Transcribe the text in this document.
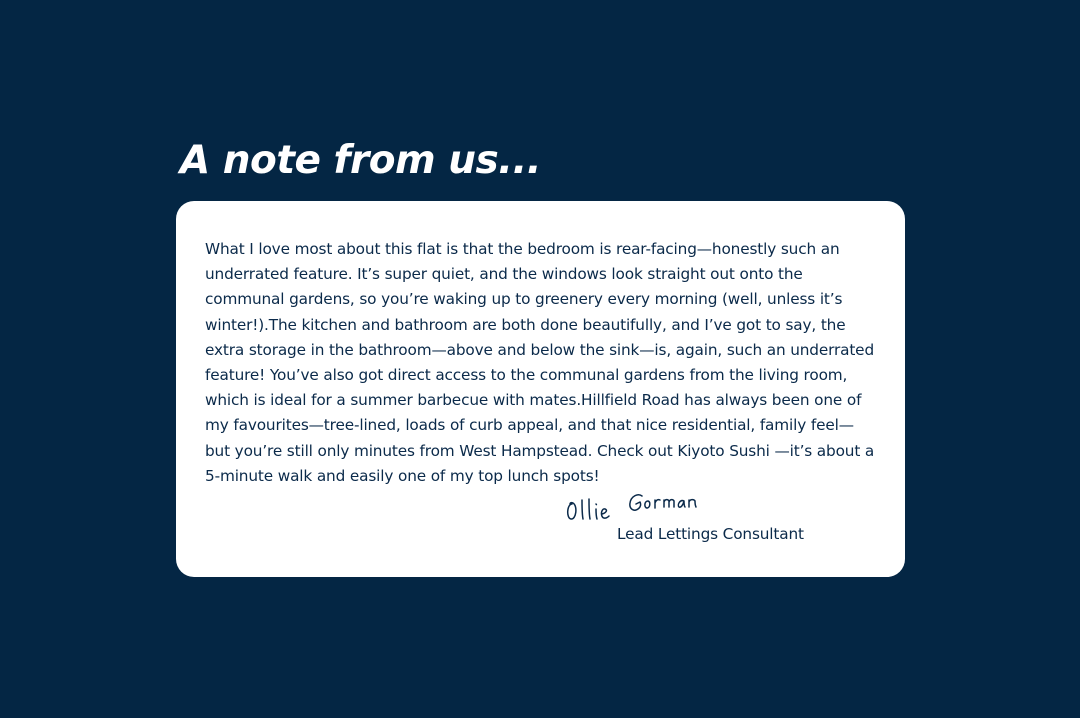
A note from us...

What I love most about this flat is that the bedroom is rear-facing—honestly such an underrated feature. It’s super quiet, and the windows look straight out onto the communal gardens, so you’re waking up to greenery every morning (well, unless it’s winter!).The kitchen and bathroom are both done beautifully, and I’ve got to say, the extra storage in the bathroom—above and below the sink—is, again, such an underrated feature! You’ve also got direct access to the communal gardens from the living room, which is ideal for a summer barbecue with mates.Hillfield Road has always been one of my favourites—tree-lined, loads of curb appeal, and that nice residential, family feel—but you’re still only minutes from West Hampstead. Check out Kiyoto Sushi —it’s about a 5-minute walk and easily one of my top lunch spots!

Lead Lettings Consultant
